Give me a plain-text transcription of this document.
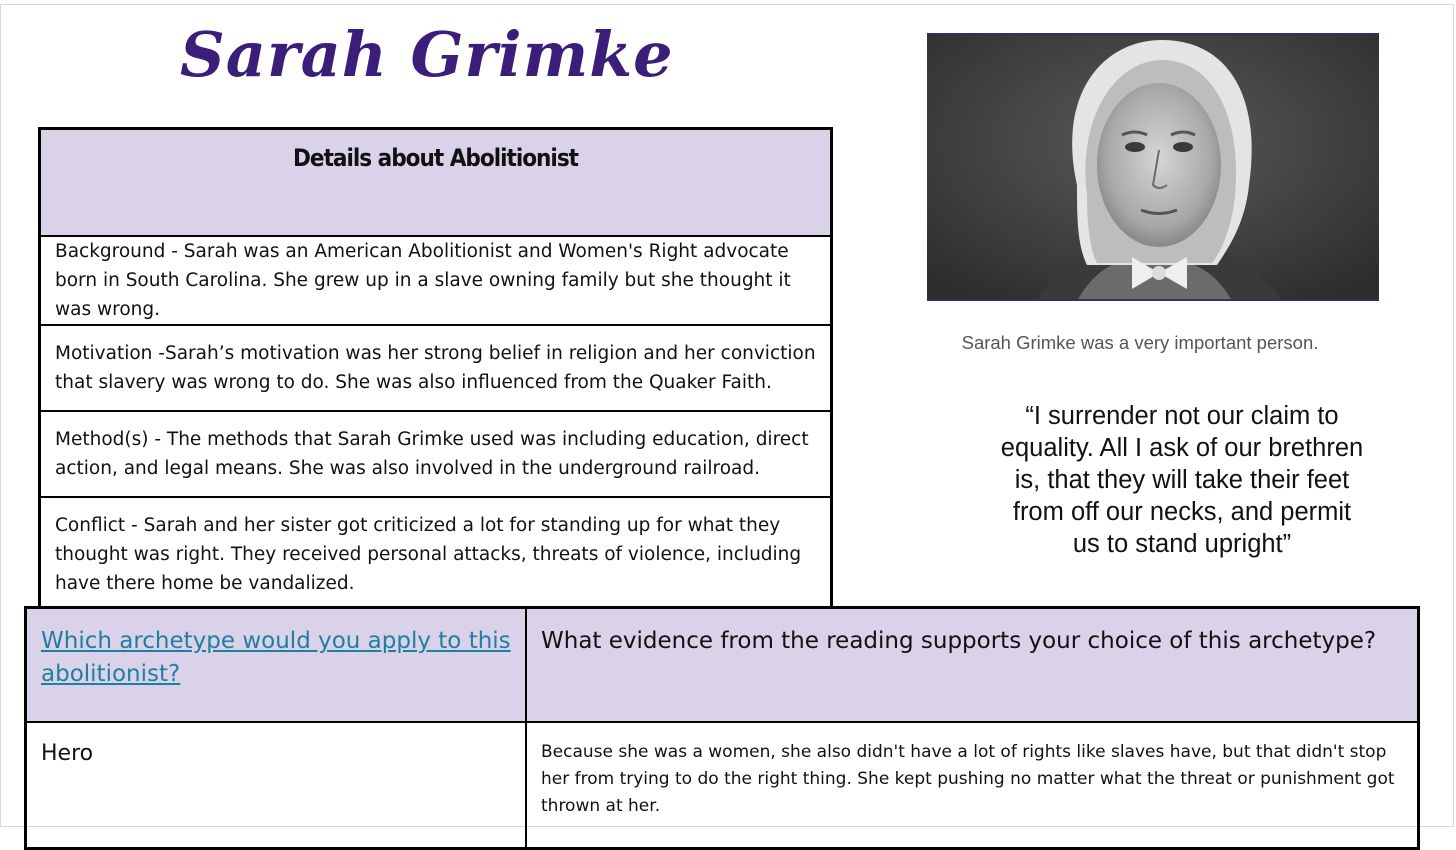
Sarah Grimke
Details about Abolitionist
Background - Sarah was an American Abolitionist and Women's Right advocate born in South Carolina. She grew up in a slave owning family but she thought it was wrong.
Motivation -Sarah’s motivation was her strong belief in religion and her conviction that slavery was wrong to do. She was also influenced from the Quaker Faith.
Method(s) - The methods that Sarah Grimke used was including education, direct action, and legal means. She was also involved in the underground railroad.
Conflict - Sarah and her sister got criticized a lot for standing up for what they thought was right. They received personal attacks, threats of violence, including have there home be vandalized.
Sarah Grimke was a very important person.
“I surrender not our claim to equality. All I ask of our brethren is, that they will take their feet from off our necks, and permit us to stand upright”
Which archetype would you apply to this abolitionist?	What evidence from the reading supports your choice of this archetype?
Hero	Because she was a women, she also didn't have a lot of rights like slaves have, but that didn't stop her from trying to do the right thing. She kept pushing no matter what the threat or punishment got thrown at her.
